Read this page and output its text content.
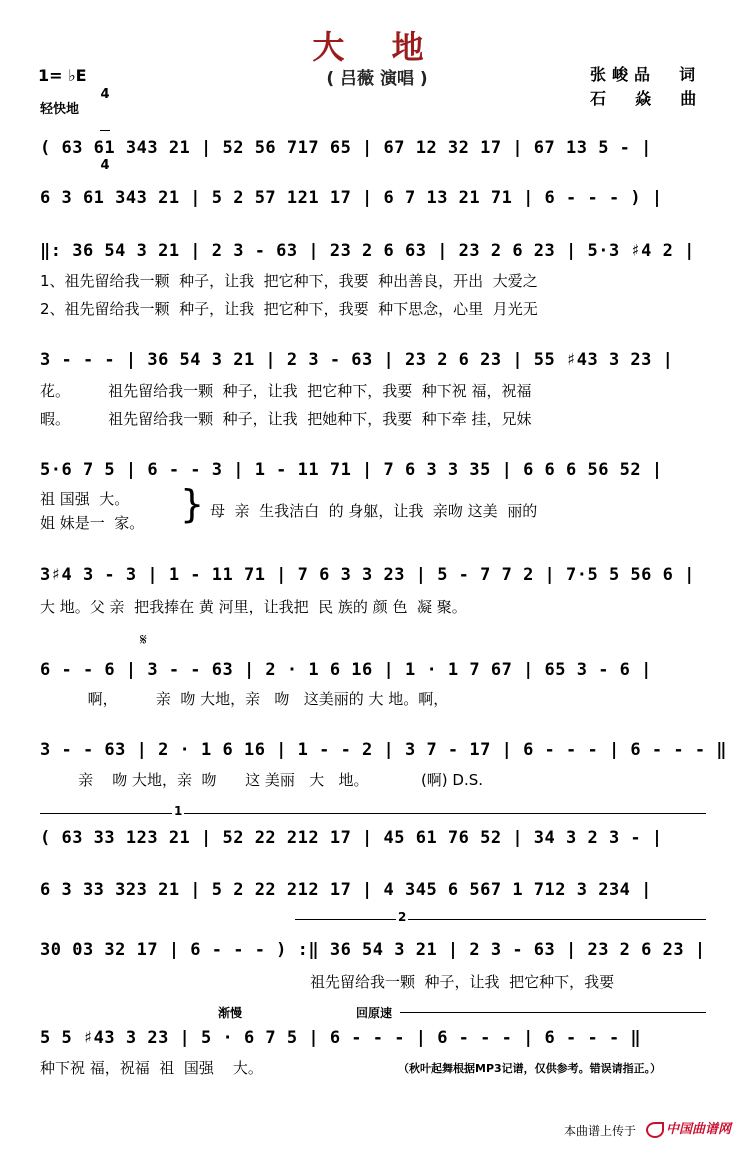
大 地
( 吕薇 演唱 )	张峻品  词
石  焱  曲
1= ♭E

4

4

轻快地
( 63 61 343 21 | 52 56 717 65 | 67 12 32 17 | 67 13 5 - |
6 3 61 343 21 | 5 2 57 121 17 | 6 7 13 21 71 | 6 - - - ) |
‖: 36 54 3 21 | 2 3 - 63 | 23 2 6 63 | 23 2 6 23 | 5·3 ♯4 2 |
1、祖先留给我一颗  种子，让我  把它种下，我要  种出善良，开出  大爱之
2、祖先留给我一颗  种子，让我  把它种下，我要  种下思念，心里  月光无
3 - - - | 36 54 3 21 | 2 3 - 63 | 23 2 6 23 | 55 ♯43 3 23 |
花。        祖先留给我一颗  种子，让我  把它种下，我要  种下祝 福，祝福
暇。        祖先留给我一颗  种子，让我  把她种下，我要  种下牵 挂，兄妹
5·6 7 5 | 6 - - 3 | 1 - 11 71 | 7 6 3 3 35 | 6 6 6 56 52 |
祖 国强  大。
姐 妹是一  家。 } 母  亲  生我洁白  的 身躯，让我  亲吻 这美  丽的
3♯4 3 - 3 | 1 - 11 71 | 7 6 3 3 23 | 5 - 7 7 2 | 7·5 5 56 6 |
大 地。父 亲  把我捧在 黄 河里，让我把  民 族的 颜 色  凝 聚。
𝄋
6 - - 6 | 3 - - 63 | 2 · 1 6 16 | 1 · 1 7 67 | 65 3 - 6 |
啊，        亲  吻 大地，亲   吻   这美丽的 大 地。啊，
3 - - 63 | 2 · 1 6 16 | 1 - - 2 | 3 7 - 17 | 6 - - - | 6 - - - ‖
亲    吻 大地，亲  吻      这 美丽   大   地。           (啊) D.S.
1
( 63 33 123 21 | 52 22 212 17 | 45 61 76 52 | 34 3 2 3 - |
6 3 33 323 21 | 5 2 22 212 17 | 4 345 6 567 1 712 3 234 |
2
30 03 32 17 | 6 - - - ) :‖ 36 54 3 21 | 2 3 - 63 | 23 2 6 23 |
祖先留给我一颗  种子，让我  把它种下，我要
渐慢	回原速
5 5 ♯43 3 23 | 5 · 6 7 5 | 6 - - - | 6 - - - | 6 - - - ‖
种下祝 福，祝福  祖  国强    大。	（秋叶起舞根据MP3记谱，仅供参考。错误请指正。）
本曲谱上传于	中国曲谱网
